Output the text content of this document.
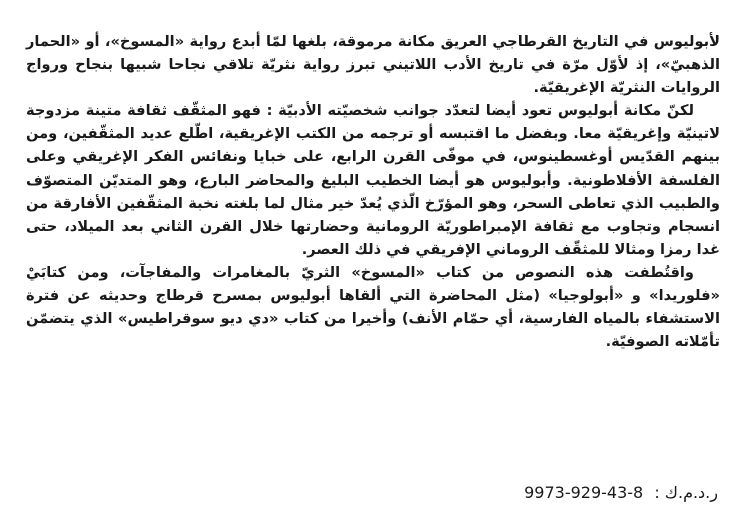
لأبوليوس في التاريخ القرطاجي العريق مكانة مرموقة، بلغها لمّا أبدع رواية «المسوخ»، أو «الحمار الذهبيّ»، إذ لأوّل مرّة في تاريخ الأدب اللاتيني تبرز رواية نثريّة تلاقي نجاحا شبيها بنجاح ورواج الروايات النثريّة الإغريقيّة.

لكنّ مكانة أبوليوس تعود أيضا لتعدّد جوانب شخصيّته الأدبيّة : فهو المثقّف ثقافة متينة مزدوجة لاتينيّة وإغريقيّة معا. وبفضل ما اقتبسه أو ترجمه من الكتب الإغريقية، اطّلع عديد المثقّفين، ومن بينهم القدّيس أوغسطينوس، في موفّى القرن الرابع، على خبايا ونفائس الفكر الإغريقي وعلى الفلسفة الأفلاطونية. وأبوليوس هو أيضا الخطيب البليغ والمحاضر البارع، وهو المتديّن المتصوّف والطبيب الذي تعاطى السحر، وهو المؤرّخ الّذي يُعدّ خير مثال لما بلغته نخبة المثقّفين الأفارقة من انسجام وتجاوب مع ثقافة الإمبراطوريّة الرومانية وحضارتها خلال القرن الثاني بعد الميلاد، حتى غدا رمزا ومثالا للمثقّف الروماني الإفريقي في ذلك العصر.

واقتُطفت هذه النصوص من كتاب «المسوخ» الثريّ بالمغامرات والمفاجآت، ومن كتابَيْ «فلوريدا» و «أبولوجيا» (مثل المحاضرة التي ألقاها أبوليوس بمسرح قرطاج وحديثه عن فترة الاستشفاء بالمياه الفارسية، أي حمّام الأنف) وأخيرا من كتاب «دي ديو سوقراطيس» الذي يتضمّن تأمّلاته الصوفيّة.

ر.د.م.ك : 9973-929-43-8
